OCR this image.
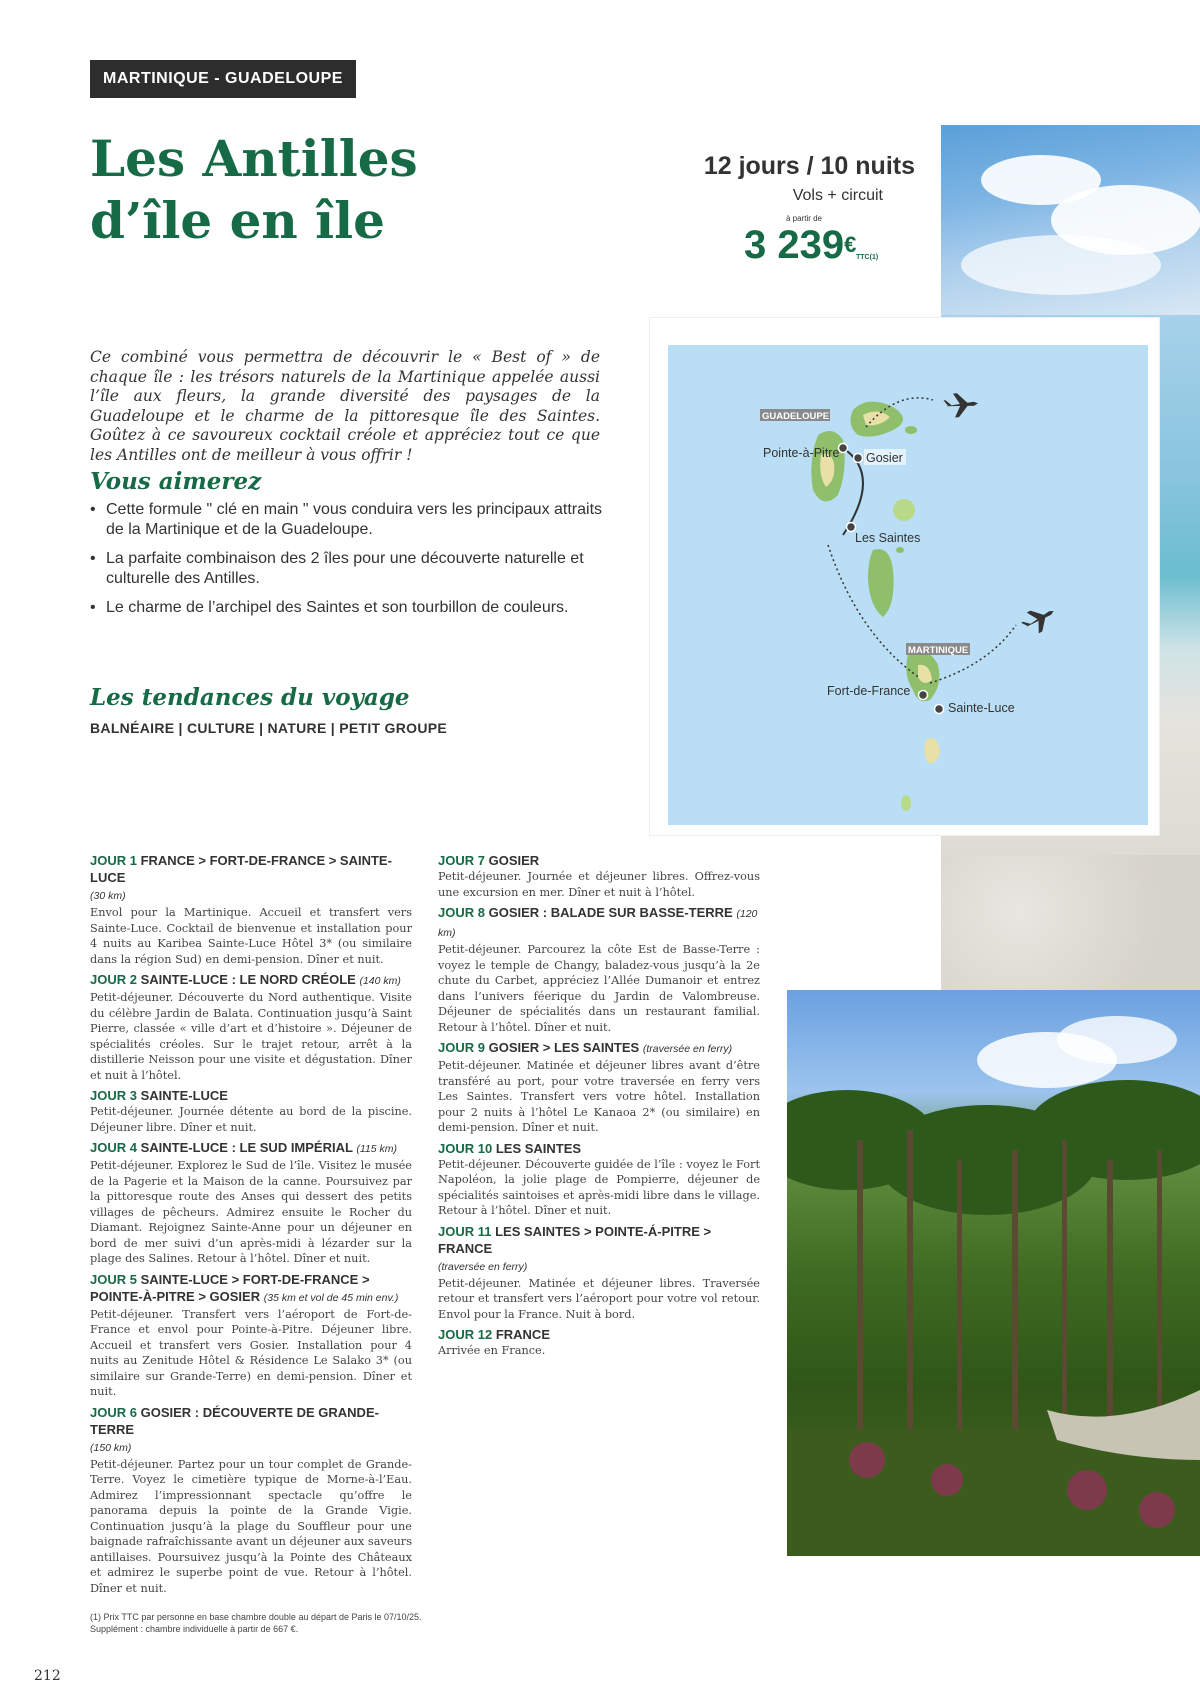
MARTINIQUE - GUADELOUPE
Les Antilles
d’île en île
12 jours / 10 nuits
Vols + circuit
à partir de
3 239€
TTC(1)
GUADELOUPE
Pointe-à-Pitre Gosier
Les Saintes
MARTINIQUE
Fort-de-France
Sainte-Luce

Ce combiné vous permettra de découvrir le « Best of » de chaque île : les trésors naturels de la Martinique appelée aussi l’île aux fleurs, la grande diversité des paysages de la Guadeloupe et le charme de la pittoresque île des Saintes. Goûtez à ce savoureux cocktail créole et appréciez tout ce que les Antilles ont de meilleur à vous offrir !

Vous aimerez
• Cette formule " clé en main " vous conduira vers les principaux attraits de la Martinique et de la Guadeloupe.
• La parfaite combinaison des 2 îles pour une découverte naturelle et culturelle des Antilles.
• Le charme de l’archipel des Saintes et son tourbillon de couleurs.
Les tendances du voyage
BALNÉAIRE | CULTURE | NATURE | PETIT GROUPE
JOUR 1 FRANCE > FORT-DE-FRANCE > SAINTE-LUCE
(30 km)
Envol pour la Martinique. Accueil et transfert vers Sainte-Luce. Cocktail de bienvenue et installation pour 4 nuits au Karibea Sainte-Luce Hôtel 3* (ou similaire dans la région Sud) en demi-pension. Dîner et nuit.
JOUR 2 SAINTE-LUCE : LE NORD CRÉOLE (140 km)
Petit-déjeuner. Découverte du Nord authentique. Visite du célèbre Jardin de Balata. Continuation jusqu’à Saint Pierre, classée « ville d’art et d’histoire ». Déjeuner de spécialités créoles. Sur le trajet retour, arrêt à la distillerie Neisson pour une visite et dégustation. Dîner et nuit à l’hôtel.
JOUR 3 SAINTE-LUCE
Petit-déjeuner. Journée détente au bord de la piscine. Déjeuner libre. Dîner et nuit.
JOUR 4 SAINTE-LUCE : LE SUD IMPÉRIAL (115 km)
Petit-déjeuner. Explorez le Sud de l’île. Visitez le musée de la Pagerie et la Maison de la canne. Poursuivez par la pittoresque route des Anses qui dessert des petits villages de pêcheurs. Admirez ensuite le Rocher du Diamant. Rejoignez Sainte-Anne pour un déjeuner en bord de mer suivi d’un après-midi à lézarder sur la plage des Salines. Retour à l’hôtel. Dîner et nuit.
JOUR 5 SAINTE-LUCE > FORT-DE-FRANCE > POINTE-À-PITRE > GOSIER (35 km et vol de 45 min env.)
Petit-déjeuner. Transfert vers l’aéroport de Fort-de-France et envol pour Pointe-à-Pitre. Déjeuner libre. Accueil et transfert vers Gosier. Installation pour 4 nuits au Zenitude Hôtel & Résidence Le Salako 3* (ou similaire sur Grande-Terre) en demi-pension. Dîner et nuit.
JOUR 6 GOSIER : DÉCOUVERTE DE GRANDE-TERRE
(150 km)
Petit-déjeuner. Partez pour un tour complet de Grande-Terre. Voyez le cimetière typique de Morne-à-l’Eau. Admirez l’impressionnant spectacle qu’offre le panorama depuis la pointe de la Grande Vigie. Continuation jusqu’à la plage du Souffleur pour une baignade rafraîchissante avant un déjeuner aux saveurs antillaises. Poursuivez jusqu’à la Pointe des Châteaux et admirez le superbe point de vue. Retour à l’hôtel. Dîner et nuit.
JOUR 7 GOSIER
Petit-déjeuner. Journée et déjeuner libres. Offrez-vous une excursion en mer. Dîner et nuit à l’hôtel.
JOUR 8 GOSIER : BALADE SUR BASSE-TERRE (120 km)
Petit-déjeuner. Parcourez la côte Est de Basse-Terre : voyez le temple de Changy, baladez-vous jusqu’à la 2e chute du Carbet, appréciez l’Allée Dumanoir et entrez dans l’univers féerique du Jardin de Valombreuse. Déjeuner de spécialités dans un restaurant familial. Retour à l’hôtel. Dîner et nuit.
JOUR 9 GOSIER > LES SAINTES (traversée en ferry)
Petit-déjeuner. Matinée et déjeuner libres avant d’être transféré au port, pour votre traversée en ferry vers Les Saintes. Transfert vers votre hôtel. Installation pour 2 nuits à l’hôtel Le Kanaoa 2* (ou similaire) en demi-pension. Dîner et nuit.
JOUR 10 LES SAINTES
Petit-déjeuner. Découverte guidée de l’île : voyez le Fort Napoléon, la jolie plage de Pompierre, déjeuner de spécialités saintoises et après-midi libre dans le village. Retour à l’hôtel. Dîner et nuit.
JOUR 11 LES SAINTES > POINTE-Á-PITRE > FRANCE
(traversée en ferry)
Petit-déjeuner. Matinée et déjeuner libres. Traversée retour et transfert vers l’aéroport pour votre vol retour. Envol pour la France. Nuit à bord.
JOUR 12 FRANCE
Arrivée en France.
(1) Prix TTC par personne en base chambre double au départ de Paris le 07/10/25.
Supplément : chambre individuelle à partir de 667 €.
212
